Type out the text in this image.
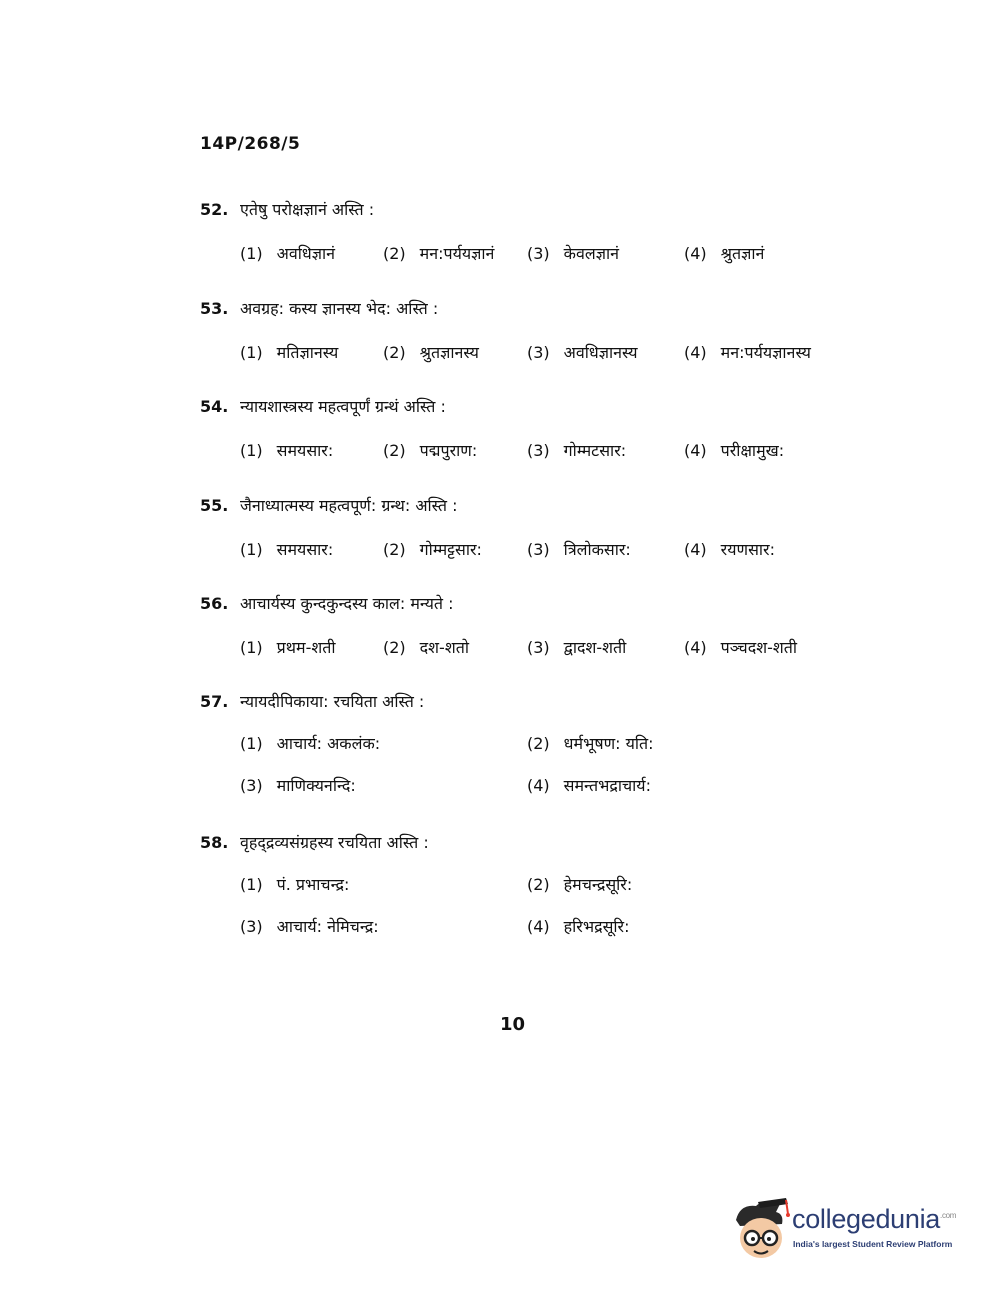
14P/268/5
52. एतेषु परोक्षज्ञानं अस्ति :
(1) अवधिज्ञानं	(2) मन:पर्ययज्ञानं (3) केवलज्ञानं	(4) श्रुतज्ञानं
53. अवग्रह: कस्य ज्ञानस्य भेद: अस्ति :
(1) मतिज्ञानस्य	(2) श्रुतज्ञानस्य	(3) अवधिज्ञानस्य	(4) मन:पर्ययज्ञानस्य
54. न्यायशास्त्रस्य महत्वपूर्णं ग्रन्थं अस्ति :
(1) समयसार:	(2) पद्मपुराण:	(3) गोम्मटसार:	(4) परीक्षामुख:
55. जैनाध्यात्मस्य महत्वपूर्ण: ग्रन्थ: अस्ति :
(1) समयसार:	(2) गोम्मट्टसार:	(3) त्रिलोकसार:	(4) रयणसार:
56. आचार्यस्य कुन्दकुन्दस्य काल: मन्यते :
(1) प्रथम-शती	(2) दश-शतो	(3) द्वादश-शती	(4) पञ्चदश-शती
57. न्यायदीपिकाया: रचयिता अस्ति :
(1) आचार्य: अकलंक:	(2) धर्मभूषण: यति:
(3) माणिक्यनन्दि:	(4) समन्तभद्राचार्य:
58. वृहद्द्रव्यसंग्रहस्य रचयिता अस्ति :
(1) पं. प्रभाचन्द्र:	(2) हेमचन्द्रसूरि:
(3) आचार्य: नेमिचन्द्र:	(4) हरिभद्रसूरि:
10
collegedunia$^{.com}$
India's largest Student Review Platform
